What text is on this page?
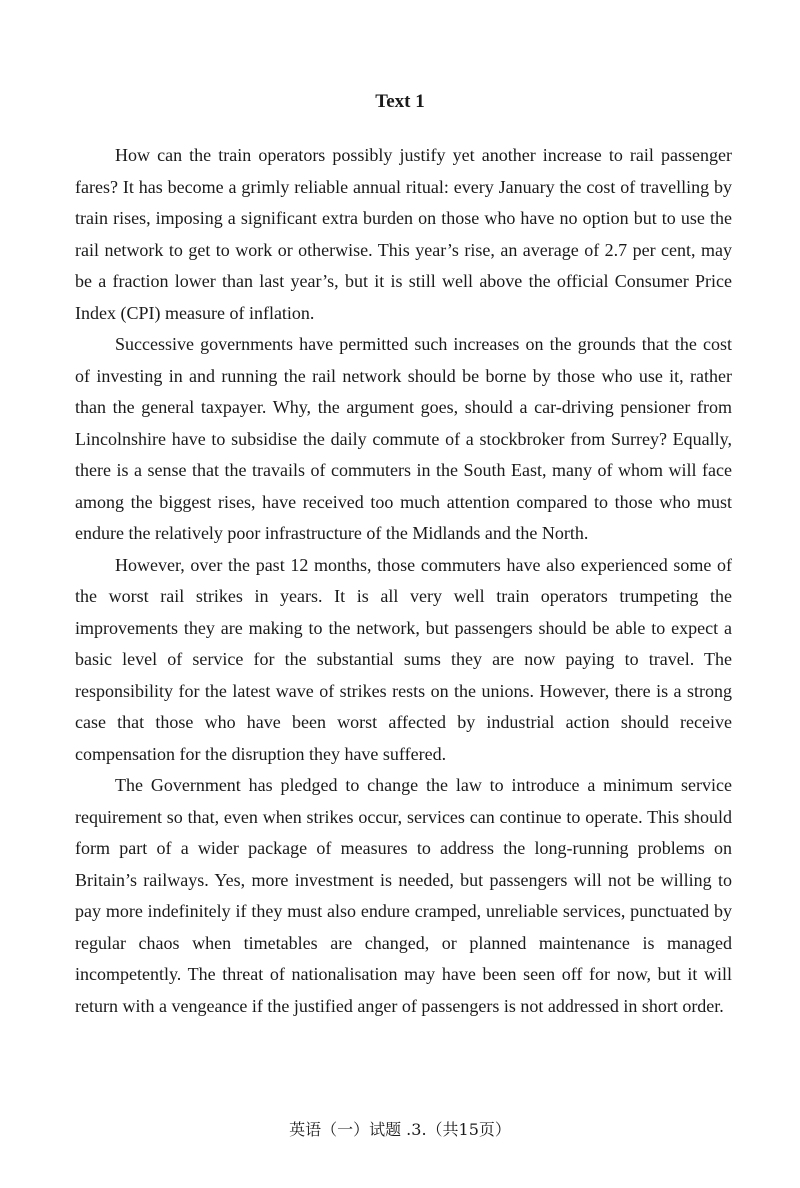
Text 1

How can the train operators possibly justify yet another increase to rail passenger fares? It has become a grimly reliable annual ritual: every January the cost of travelling by train rises, imposing a significant extra burden on those who have no option but to use the rail network to get to work or otherwise. This year’s rise, an average of 2.7 per cent, may be a fraction lower than last year’s, but it is still well above the official Consumer Price Index (CPI) measure of inflation.

Successive governments have permitted such increases on the grounds that the cost of investing in and running the rail network should be borne by those who use it, rather than the general taxpayer. Why, the argument goes, should a car-driving pensioner from Lincolnshire have to subsidise the daily commute of a stockbroker from Surrey? Equally, there is a sense that the travails of commuters in the South East, many of whom will face among the biggest rises, have received too much attention compared to those who must endure the relatively poor infrastructure of the Midlands and the North.

However, over the past 12 months, those commuters have also experienced some of the worst rail strikes in years. It is all very well train operators trumpeting the improvements they are making to the network, but passengers should be able to expect a basic level of service for the substantial sums they are now paying to travel. The responsibility for the latest wave of strikes rests on the unions. However, there is a strong case that those who have been worst affected by industrial action should receive compensation for the disruption they have suffered.

The Government has pledged to change the law to introduce a minimum service requirement so that, even when strikes occur, services can continue to operate. This should form part of a wider package of measures to address the long-running problems on Britain’s railways. Yes, more investment is needed, but passengers will not be willing to pay more indefinitely if they must also endure cramped, unreliable services, punctuated by regular chaos when timetables are changed, or planned maintenance is managed incompetently. The threat of nationalisation may have been seen off for now, but it will return with a vengeance if the justified anger of passengers is not addressed in short order.

英语（一）试题 .3.（共15页）
